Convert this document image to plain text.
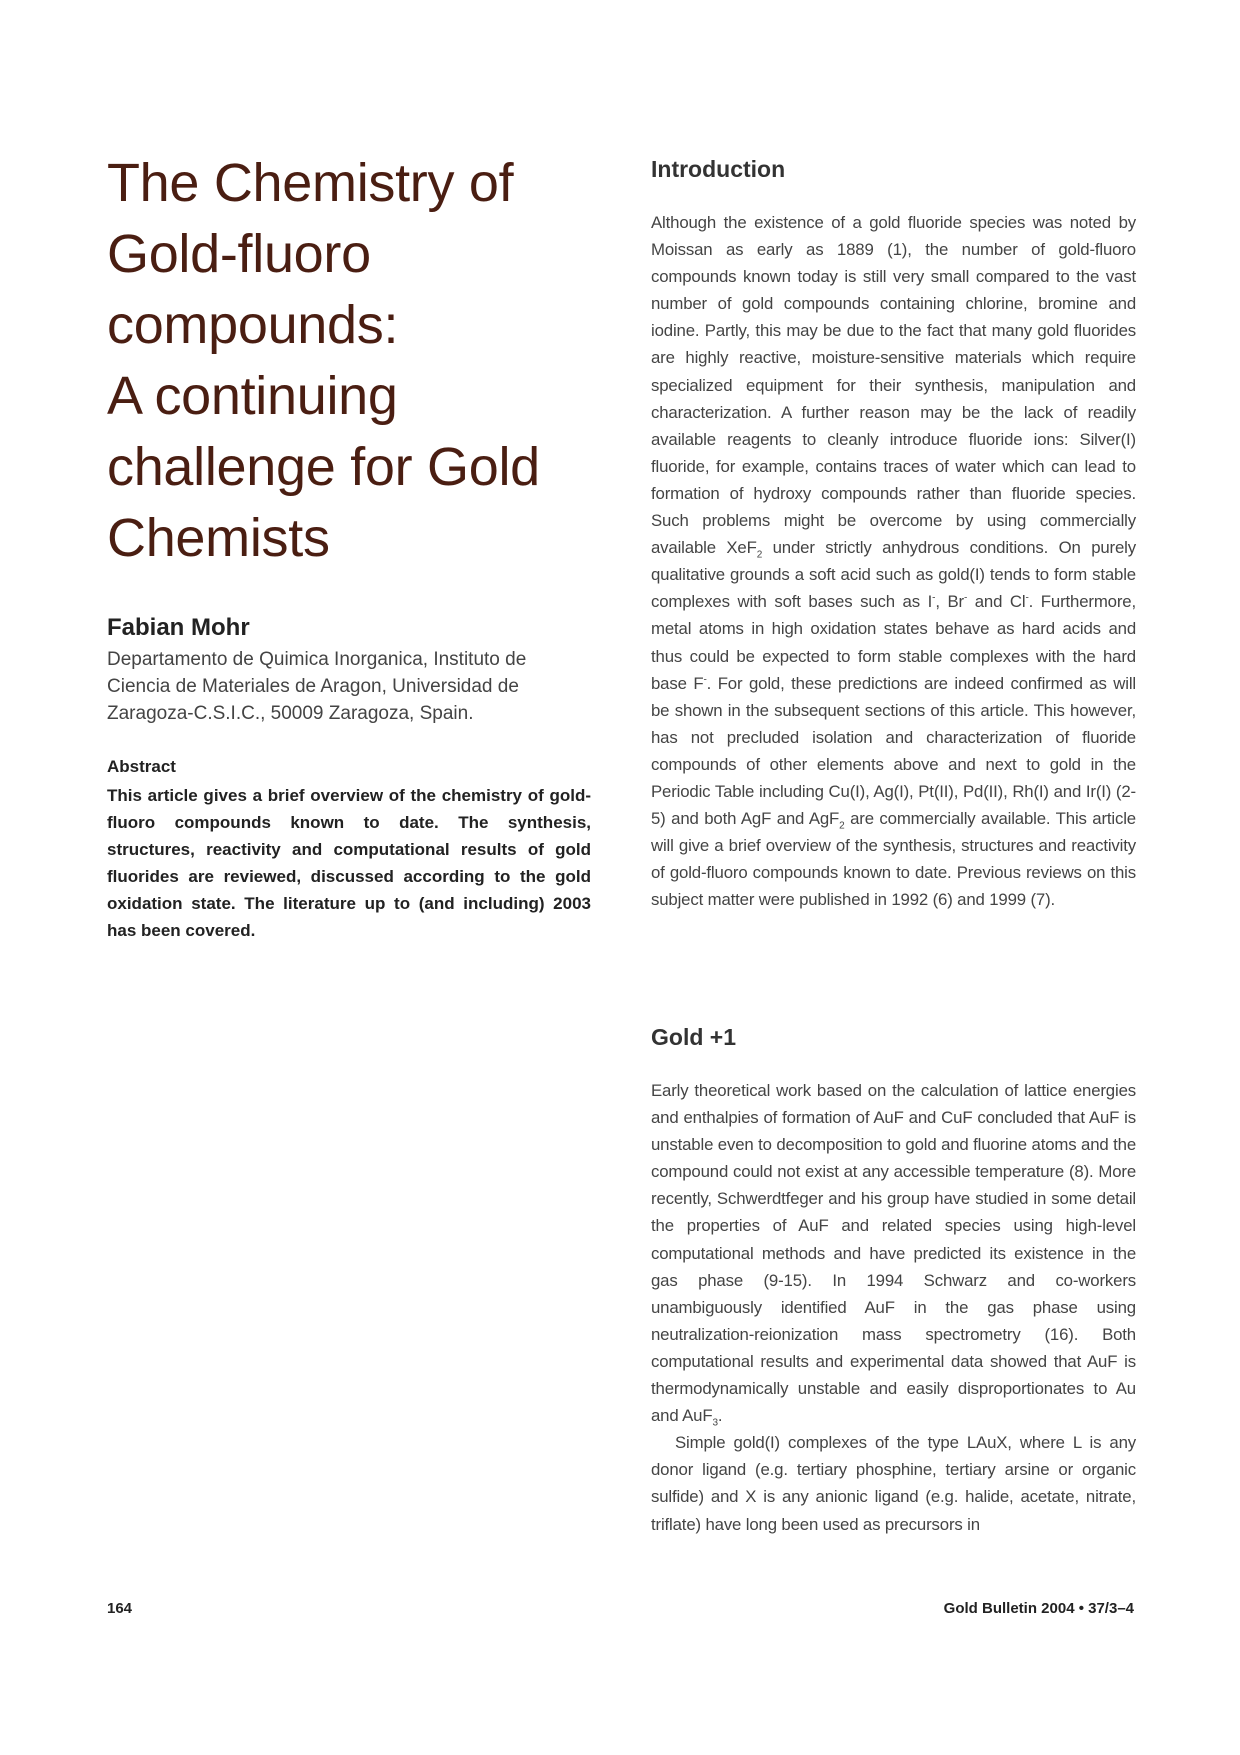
The Chemistry of
Gold-fluoro
compounds:
A continuing
challenge for Gold
Chemists

Fabian Mohr

Departamento de Quimica Inorganica, Instituto de
Ciencia de Materiales de Aragon, Universidad de
Zaragoza-C.S.I.C., 50009 Zaragoza, Spain.

Abstract

This article gives a brief overview of the chemistry of gold-fluoro compounds known to date. The synthesis, structures, reactivity and computational results of gold fluorides are reviewed, discussed according to the gold oxidation state. The literature up to (and including) 2003 has been covered.

Introduction

Although the existence of a gold fluoride species was noted by Moissan as early as 1889 (1), the number of gold-fluoro compounds known today is still very small compared to the vast number of gold compounds containing chlorine, bromine and iodine. Partly, this may be due to the fact that many gold fluorides are highly reactive, moisture-sensitive materials which require specialized equipment for their synthesis, manipulation and characterization. A further reason may be the lack of readily available reagents to cleanly introduce fluoride ions: Silver(I) fluoride, for example, contains traces of water which can lead to formation of hydroxy compounds rather than fluoride species. Such problems might be overcome by using commercially available XeF$_2$ under strictly anhydrous conditions. On purely qualitative grounds a soft acid such as gold(I) tends to form stable complexes with soft bases such as I-, Br- and Cl-. Furthermore, metal atoms in high oxidation states behave as hard acids and thus could be expected to form stable complexes with the hard base F-. For gold, these predictions are indeed confirmed as will be shown in the subsequent sections of this article. This however, has not precluded isolation and characterization of fluoride compounds of other elements above and next to gold in the Periodic Table including Cu(I), Ag(I), Pt(II), Pd(II), Rh(I) and Ir(I) (2-5) and both AgF and AgF$_2$ are commercially available. This article will give a brief overview of the synthesis, structures and reactivity of gold-fluoro compounds known to date. Previous reviews on this subject matter were published in 1992 (6) and 1999 (7).

Gold +1

Early theoretical work based on the calculation of lattice energies and enthalpies of formation of AuF and CuF concluded that AuF is unstable even to decomposition to gold and fluorine atoms and the compound could not exist at any accessible temperature (8). More recently, Schwerdtfeger and his group have studied in some detail the properties of AuF and related species using high-level computational methods and have predicted its existence in the gas phase (9-15). In 1994 Schwarz and co-workers unambiguously identified AuF in the gas phase using neutralization-reionization mass spectrometry (16). Both computational results and experimental data showed that AuF is thermodynamically unstable and easily disproportionates to Au and AuF$_3$.

Simple gold(I) complexes of the type LAuX, where L is any donor ligand (e.g. tertiary phosphine, tertiary arsine or organic sulfide) and X is any anionic ligand (e.g. halide, acetate, nitrate, triflate) have long been used as precursors in

164	Gold Bulletin 2004 • 37/3–4
